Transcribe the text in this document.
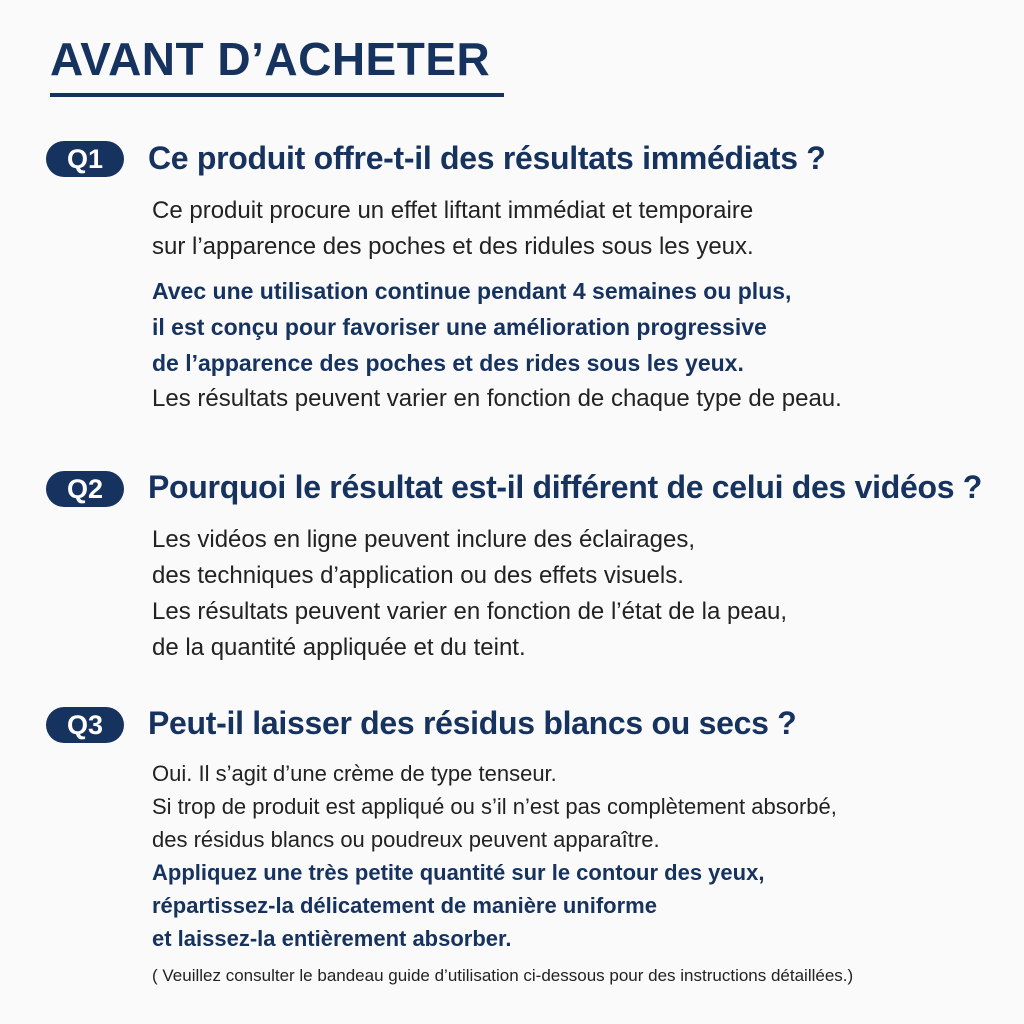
AVANT D’ACHETER
Q1	Ce produit offre-t-il des résultats immédiats ?
Ce produit procure un effet liftant immédiat et temporaire
sur l’apparence des poches et des ridules sous les yeux.
Avec une utilisation continue pendant 4 semaines ou plus,
il est conçu pour favoriser une amélioration progressive
de l’apparence des poches et des rides sous les yeux.
Les résultats peuvent varier en fonction de chaque type de peau.
Q2	Pourquoi le résultat est-il différent de celui des vidéos ?
Les vidéos en ligne peuvent inclure des éclairages,
des techniques d’application ou des effets visuels.
Les résultats peuvent varier en fonction de l’état de la peau,
de la quantité appliquée et du teint.
Q3	Peut-il laisser des résidus blancs ou secs ?
Oui. Il s’agit d’une crème de type tenseur.
Si trop de produit est appliqué ou s’il n’est pas complètement absorbé,
des résidus blancs ou poudreux peuvent apparaître.
Appliquez une très petite quantité sur le contour des yeux,
répartissez-la délicatement de manière uniforme
et laissez-la entièrement absorber.

( Veuillez consulter le bandeau guide d’utilisation ci-dessous pour des instructions détaillées.)
